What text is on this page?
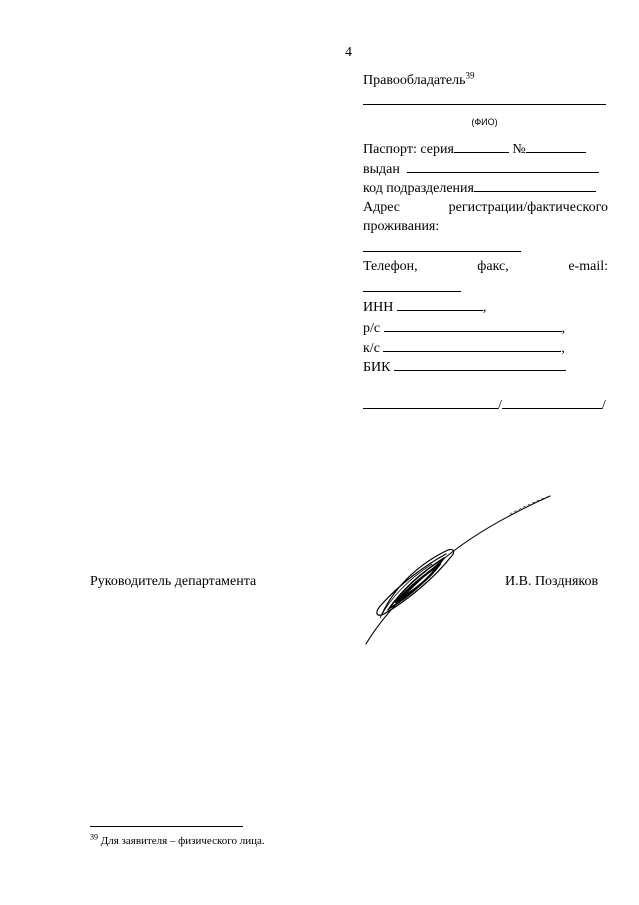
4
Правообладатель$^{39}$
(ФИО)
Паспорт: серия	№
выдан
код подразделения
Адрес	регистрации/фактического
проживания:
Телефон,	факс,	e-mail:
ИНН	,
р/с	,
к/с	,
БИК
/	/
Руководитель департамента	И.В. Поздняков
$^{39}$ Для заявителя – физического лица.
